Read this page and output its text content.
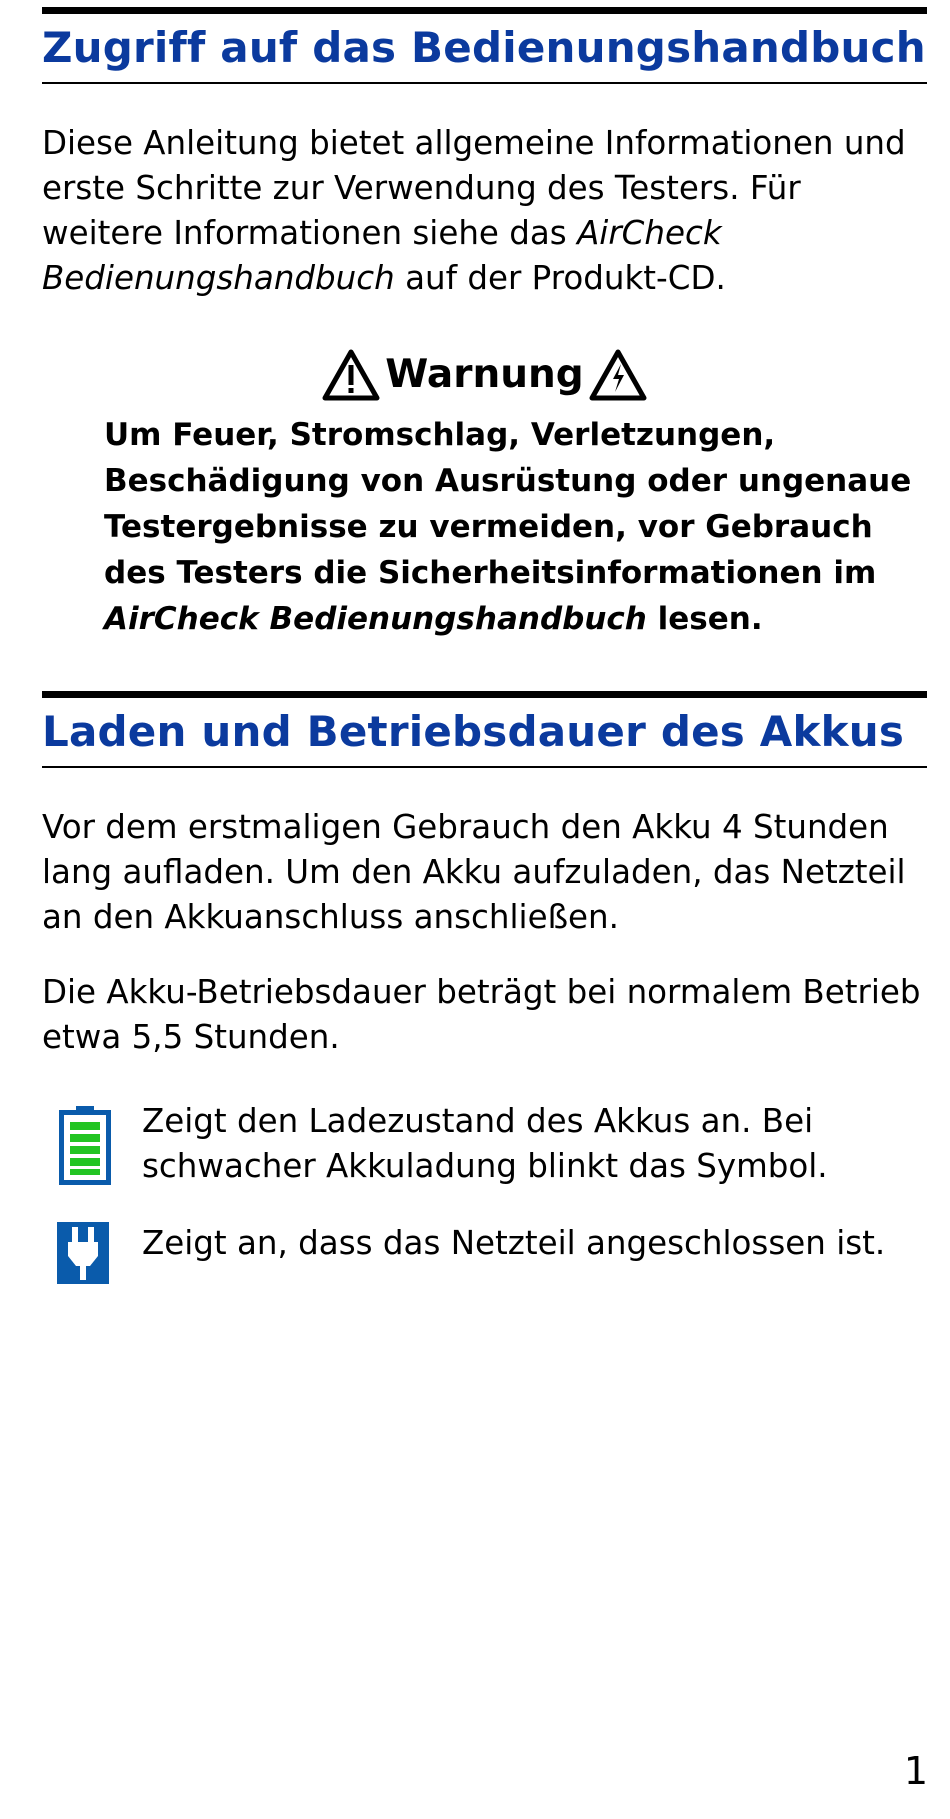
Zugriff auf das Bedienungshandbuch

Diese Anleitung bietet allgemeine Informationen und erste Schritte zur Verwendung des Testers. Für weitere Informationen siehe das AirCheck Bedienungshandbuch auf der Produkt-CD.

Warnung

Um Feuer, Stromschlag, Verletzungen, Beschädigung von Ausrüstung oder ungenaue Testergebnisse zu vermeiden, vor Gebrauch des Testers die Sicherheitsinformationen im AirCheck Bedienungshandbuch lesen.

Laden und Betriebsdauer des Akkus

Vor dem erstmaligen Gebrauch den Akku 4 Stunden lang aufladen. Um den Akku aufzuladen, das Netzteil an den Akkuanschluss anschließen.

Die Akku-Betriebsdauer beträgt bei normalem Betrieb etwa 5,5 Stunden.

Zeigt den Ladezustand des Akkus an. Bei schwacher Akkuladung blinkt das Symbol.

Zeigt an, dass das Netzteil angeschlossen ist.

1
